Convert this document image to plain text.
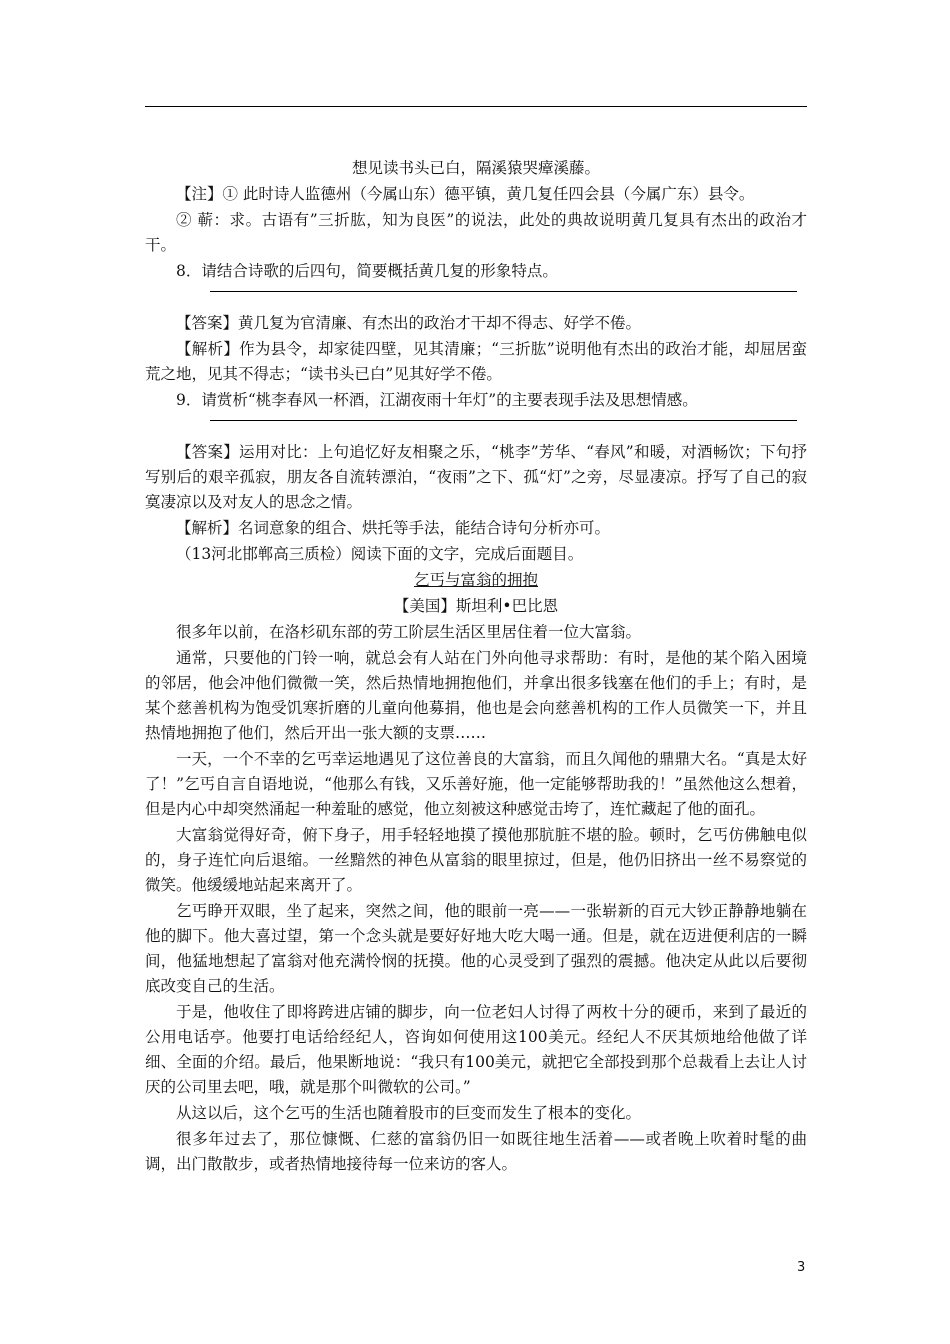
想见读书头已白，隔溪猿哭瘴溪藤。

【注】① 此时诗人监德州（今属山东）德平镇，黄几复任四会县（今属广东）县令。

② 蕲：求。古语有”三折肱，知为良医”的说法，此处的典故说明黄几复具有杰出的政治才干。

8．请结合诗歌的后四句，简要概括黄几复的形象特点。

【答案】黄几复为官清廉、有杰出的政治才干却不得志、好学不倦。

【解析】作为县令，却家徒四壁，见其清廉；“三折肱”说明他有杰出的政治才能，却屈居蛮荒之地，见其不得志；“读书头已白”见其好学不倦。

9．请赏析“桃李春风一杯酒，江湖夜雨十年灯”的主要表现手法及思想情感。

【答案】运用对比：上句追忆好友相聚之乐，“桃李”芳华、“春风”和暖，对酒畅饮；下句抒写别后的艰辛孤寂，朋友各自流转漂泊，“夜雨”之下、孤“灯”之旁，尽显凄凉。抒写了自己的寂寞凄凉以及对友人的思念之情。

【解析】名词意象的组合、烘托等手法，能结合诗句分析亦可。

（13河北邯郸高三质检）阅读下面的文字，完成后面题目。

乞丐与富翁的拥抱

【美国】斯坦利•巴比恩

很多年以前，在洛杉矶东部的劳工阶层生活区里居住着一位大富翁。

通常，只要他的门铃一响，就总会有人站在门外向他寻求帮助：有时，是他的某个陷入困境的邻居，他会冲他们微微一笑，然后热情地拥抱他们，并拿出很多钱塞在他们的手上；有时，是某个慈善机构为饱受饥寒折磨的儿童向他募捐，他也是会向慈善机构的工作人员微笑一下，并且热情地拥抱了他们，然后开出一张大额的支票……

一天，一个不幸的乞丐幸运地遇见了这位善良的大富翁，而且久闻他的鼎鼎大名。“真是太好了！”乞丐自言自语地说，“他那么有钱，又乐善好施，他一定能够帮助我的！”虽然他这么想着，但是内心中却突然涌起一种羞耻的感觉，他立刻被这种感觉击垮了，连忙藏起了他的面孔。

大富翁觉得好奇，俯下身子，用手轻轻地摸了摸他那肮脏不堪的脸。顿时，乞丐仿佛触电似的，身子连忙向后退缩。一丝黯然的神色从富翁的眼里掠过，但是，他仍旧挤出一丝不易察觉的微笑。他缓缓地站起来离开了。

乞丐睁开双眼，坐了起来，突然之间，他的眼前一亮——一张崭新的百元大钞正静静地躺在他的脚下。他大喜过望，第一个念头就是要好好地大吃大喝一通。但是，就在迈进便利店的一瞬间，他猛地想起了富翁对他充满怜悯的抚摸。他的心灵受到了强烈的震撼。他决定从此以后要彻底改变自己的生活。

于是，他收住了即将跨进店铺的脚步，向一位老妇人讨得了两枚十分的硬币，来到了最近的公用电话亭。他要打电话给经纪人，咨询如何使用这100美元。经纪人不厌其烦地给他做了详细、全面的介绍。最后，他果断地说：“我只有100美元，就把它全部投到那个总裁看上去让人讨厌的公司里去吧，哦，就是那个叫微软的公司。”

从这以后，这个乞丐的生活也随着股市的巨变而发生了根本的变化。

很多年过去了，那位慷慨、仁慈的富翁仍旧一如既往地生活着——或者晚上吹着时髦的曲调，出门散散步，或者热情地接待每一位来访的客人。

3
